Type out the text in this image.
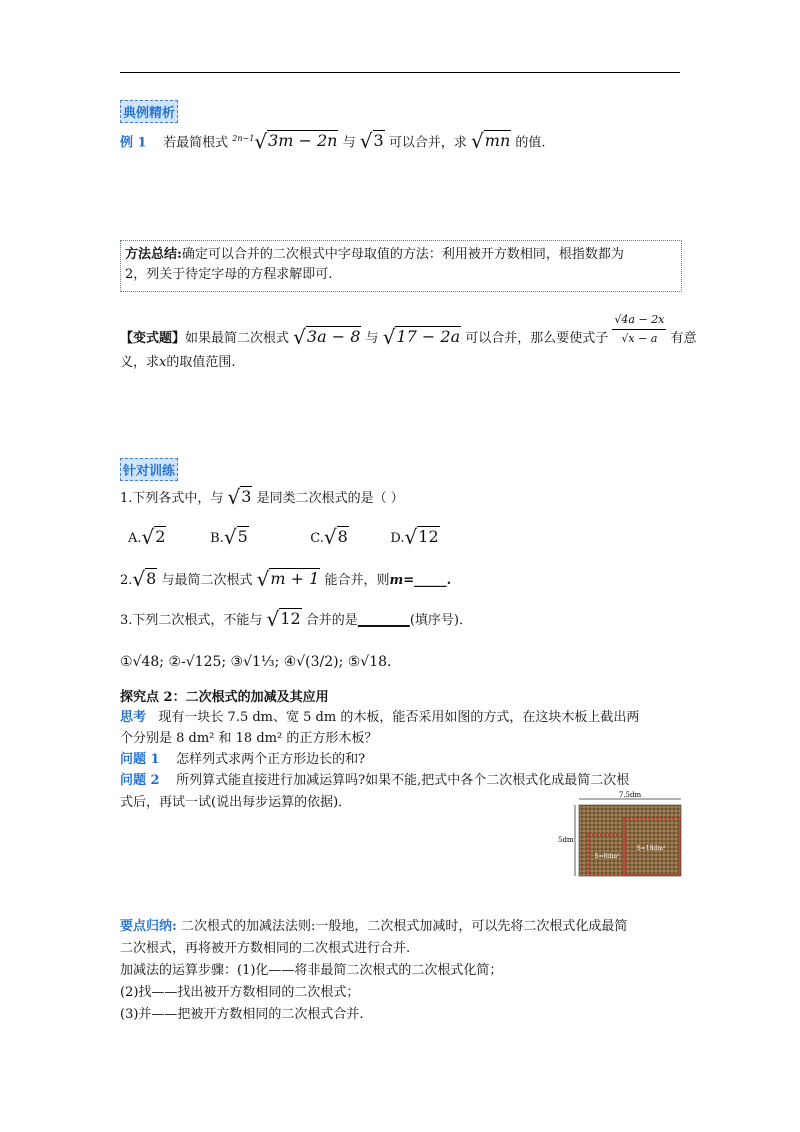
典例精析
例 1 若最简根式 $^{2n-1}$√3m − 2n 与 √3 可以合并，求 √mn 的值.
方法总结:确定可以合并的二次根式中字母取值的方法：利用被开方数相同，根指数都为
2，列关于待定字母的方程求解即可.
【变式题】如果最简二次根式 √3a − 8 与 √17 − 2a 可以合并，那么要使式子 $\frac{√4a - 2x}{√x - a}$ 有意
义，求x的取值范围.
针对训练
1.下列各式中，与 √3 是同类二次根式的是（ ）
A.√2	B.√5	C.√8	D.√12
2.√8 与最简二次根式 √m + 1 能合并，则m=_____.
3.下列二次根式，不能与 √12 合并的是________(填序号)．
①√48; ②-√125; ③√1⅓; ④√(3/2); ⑤√18.
探究点 2：二次根式的加减及其应用
思考 现有一块长 7.5 dm、宽 5 dm 的木板，能否采用如图的方式，在这块木板上截出两
个分别是 8 dm² 和 18 dm² 的正方形木板？
问题 1 怎样列式求两个正方形边长的和?
问题 2 所列算式能直接进行加减运算吗?如果不能,把式中各个二次根式化成最简二次根
式后，再试一试(说出每步运算的依据)．	7.5dm
5dm
S=18dm²
S=8dm²
要点归纳: 二次根式的加减法法则:一般地，二次根式加减时，可以先将二次根式化成最简
二次根式，再将被开方数相同的二次根式进行合并.
加减法的运算步骤：(1)化——将非最简二次根式的二次根式化简；
(2)找——找出被开方数相同的二次根式；
(3)并——把被开方数相同的二次根式合并.
